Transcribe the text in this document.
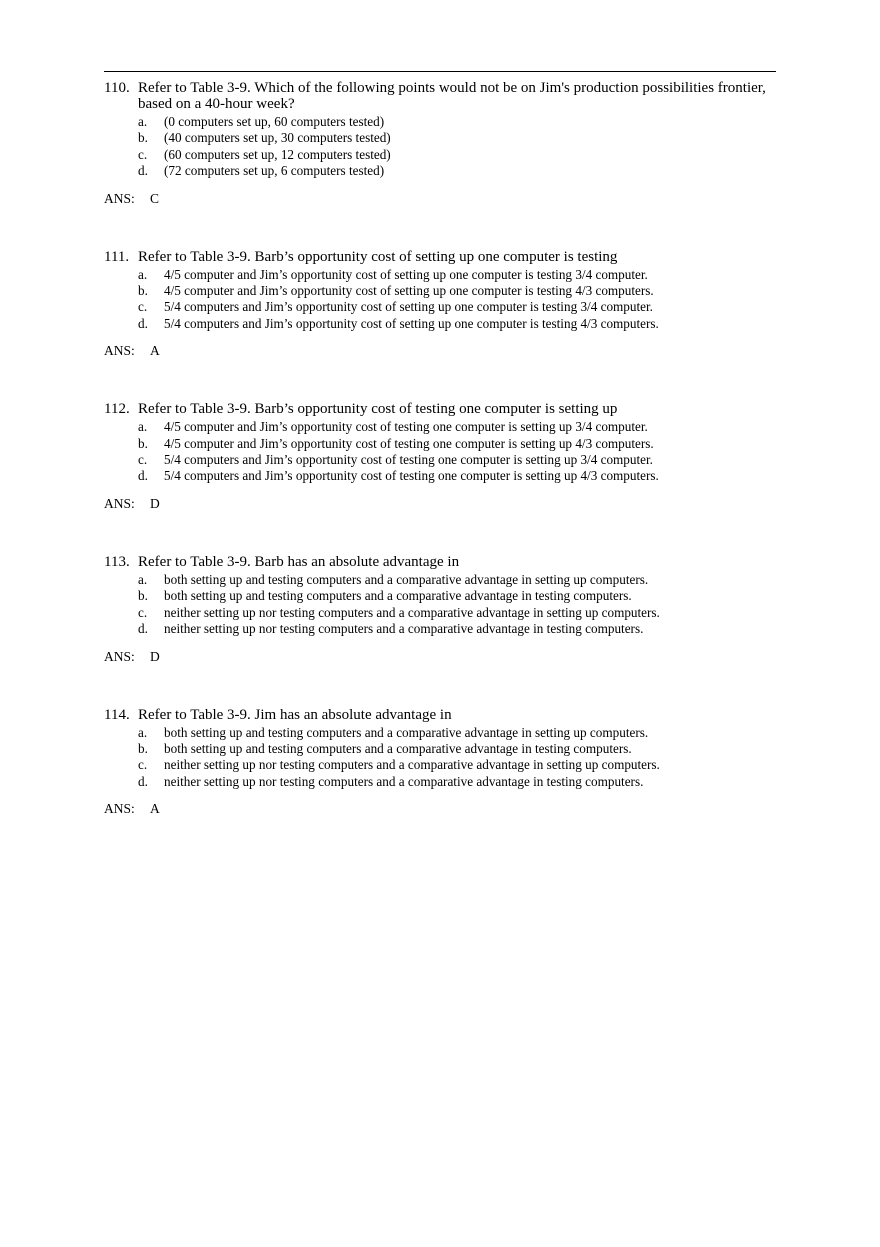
110. Refer to Table 3-9. Which of the following points would not be on Jim's production possibilities frontier, based on a 40-hour week?
a.	(0 computers set up, 60 computers tested)
b.	(40 computers set up, 30 computers tested)
c.	(60 computers set up, 12 computers tested)
d.	(72 computers set up, 6 computers tested)
ANS: C
111. Refer to Table 3-9. Barb’s opportunity cost of setting up one computer is testing
a.	4/5 computer and Jim’s opportunity cost of setting up one computer is testing 3/4 computer.
b.	4/5 computer and Jim’s opportunity cost of setting up one computer is testing 4/3 computers.
c.	5/4 computers and Jim’s opportunity cost of setting up one computer is testing 3/4 computer.
d.	5/4 computers and Jim’s opportunity cost of setting up one computer is testing 4/3 computers.
ANS: A
112. Refer to Table 3-9. Barb’s opportunity cost of testing one computer is setting up
a.	4/5 computer and Jim’s opportunity cost of testing one computer is setting up 3/4 computer.
b.	4/5 computer and Jim’s opportunity cost of testing one computer is setting up 4/3 computers.
c.	5/4 computers and Jim’s opportunity cost of testing one computer is setting up 3/4 computer.
d.	5/4 computers and Jim’s opportunity cost of testing one computer is setting up 4/3 computers.
ANS: D
113. Refer to Table 3-9. Barb has an absolute advantage in
a.	both setting up and testing computers and a comparative advantage in setting up computers.
b.	both setting up and testing computers and a comparative advantage in testing computers.
c.	neither setting up nor testing computers and a comparative advantage in setting up computers.
d.	neither setting up nor testing computers and a comparative advantage in testing computers.
ANS: D
114. Refer to Table 3-9. Jim has an absolute advantage in
a.	both setting up and testing computers and a comparative advantage in setting up computers.
b.	both setting up and testing computers and a comparative advantage in testing computers.
c.	neither setting up nor testing computers and a comparative advantage in setting up computers.
d.	neither setting up nor testing computers and a comparative advantage in testing computers.
ANS: A
